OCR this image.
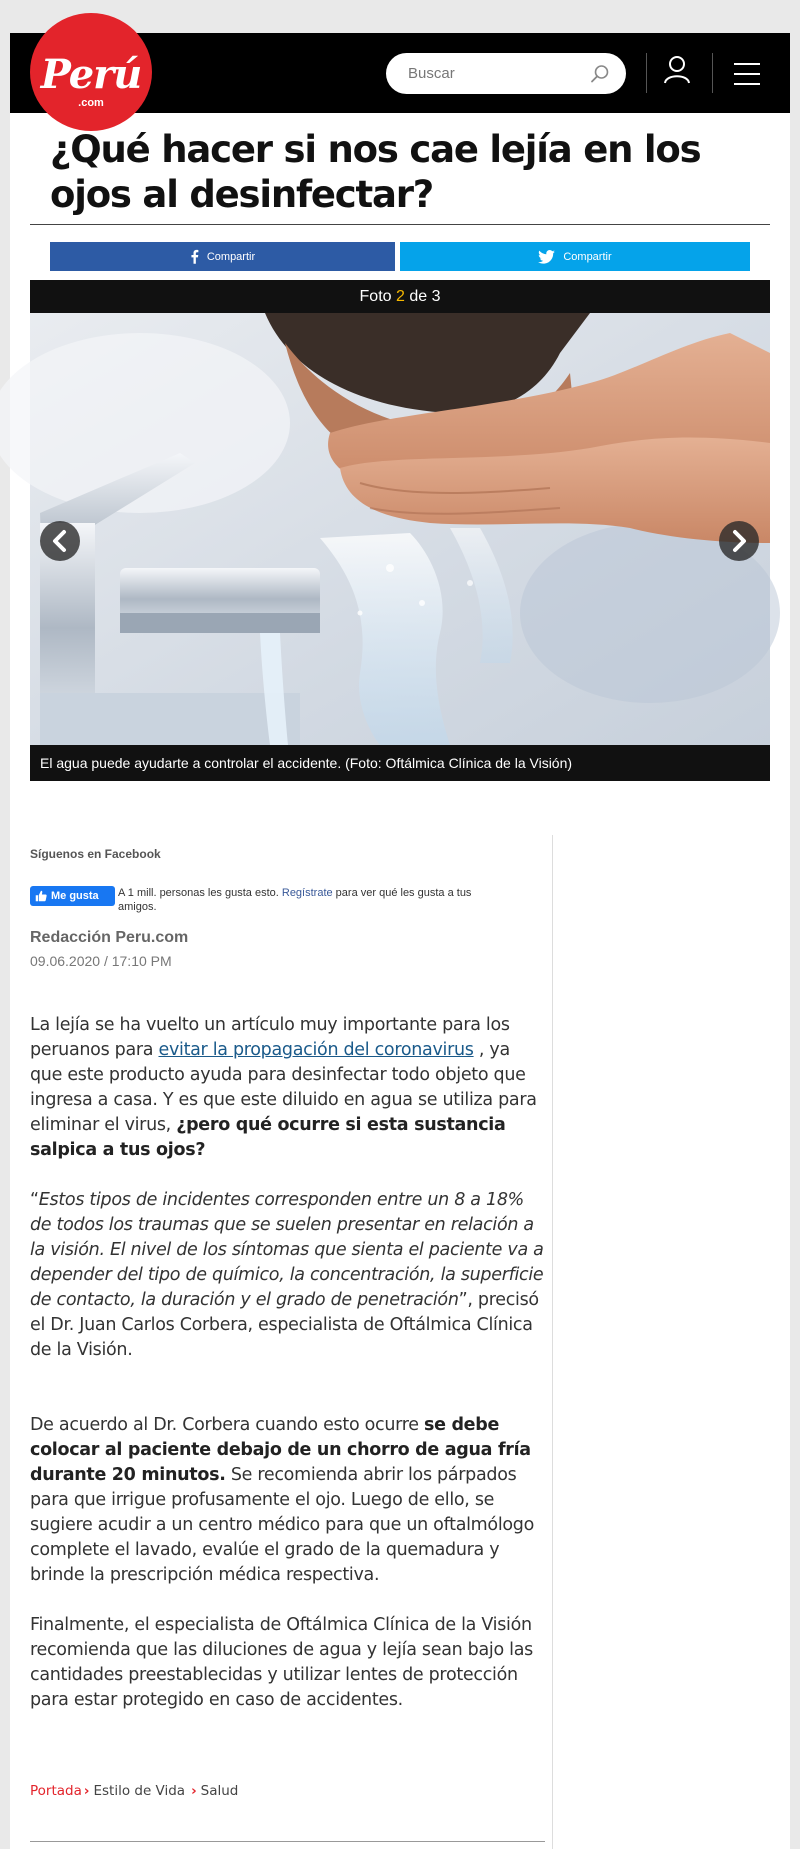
Perú
.com
Buscar
¿Qué hacer si nos cae lejía en los ojos al desinfectar?
Compartir	Compartir
Foto 2 de 3
El agua puede ayudarte a controlar el accidente. (Foto: Oftálmica Clínica de la Visión)
Síguenos en Facebook
Me gusta A 1 mill. personas les gusta esto. Regístrate para ver qué les gusta a tus amigos.
Redacción Peru.com
09.06.2020 / 17:10 PM

La lejía se ha vuelto un artículo muy importante para los peruanos para evitar la propagación del coronavirus , ya que este producto ayuda para desinfectar todo objeto que ingresa a casa. Y es que este diluido en agua se utiliza para eliminar el virus, ¿pero qué ocurre si esta sustancia salpica a tus ojos?

“Estos tipos de incidentes corresponden entre un 8 a 18% de todos los traumas que se suelen presentar en relación a la visión. El nivel de los síntomas que sienta el paciente va a depender del tipo de químico, la concentración, la superficie de contacto, la duración y el grado de penetración”, precisó el Dr. Juan Carlos Corbera, especialista de Oftálmica Clínica de la Visión.

De acuerdo al Dr. Corbera cuando esto ocurre se debe colocar al paciente debajo de un chorro de agua fría durante 20 minutos. Se recomienda abrir los párpados para que irrigue profusamente el ojo. Luego de ello, se sugiere acudir a un centro médico para que un oftalmólogo complete el lavado, evalúe el grado de la quemadura y brinde la prescripción médica respectiva.

Finalmente, el especialista de Oftálmica Clínica de la Visión recomienda que las diluciones de agua y lejía sean bajo las cantidades preestablecidas y utilizar lentes de protección para estar protegido en caso de accidentes.

Portada › Estilo de Vida › Salud
